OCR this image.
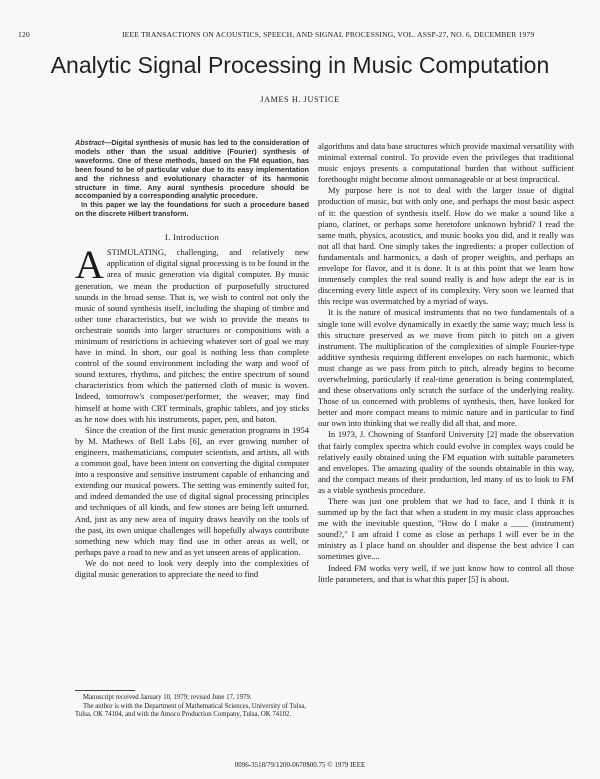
120	IEEE TRANSACTIONS ON ACOUSTICS, SPEECH, AND SIGNAL PROCESSING, VOL. ASSP-27, NO. 6, DECEMBER 1979
Analytic Signal Processing in Music Computation
JAMES H. JUSTICE

Abstract—Digital synthesis of music has led to the consideration of models other than the usual additive (Fourier) synthesis of waveforms. One of these methods, based on the FM equation, has been found to be of particular value due to its easy implementation and the richness and evolutionary character of its harmonic structure in time. Any aural synthesis procedure should be accompanied by a corresponding analytic procedure.

In this paper we lay the foundations for such a procedure based on the discrete Hilbert transform.

I. Introduction

ASTIMULATING, challenging, and relatively new application of digital signal processing is to be found in the area of music generation via digital computer. By music generation, we mean the production of purposefully structured sounds in the broad sense. That is, we wish to control not only the music of sound synthesis itself, including the shaping of timbre and other tone characteristics, but we wish to provide the means to orchestrate sounds into larger structures or compositions with a minimum of restrictions in achieving whatever sort of goal we may have in mind. In short, our goal is nothing less than complete control of the sound environment including the warp and woof of sound textures, rhythms, and pitches; the entire spectrum of sound characteristics from which the patterned cloth of music is woven. Indeed, tomorrow's composer/performer, the weaver, may find himself at home with CRT terminals, graphic tablets, and joy sticks as he now does with his instruments, paper, pen, and baton.

Since the creation of the first music generation programs in 1954 by M. Mathews of Bell Labs [6], an ever growing number of engineers, mathematicians, computer scientists, and artists, all with a common goal, have been intent on converting the digital computer into a responsive and sensitive instrument capable of enhancing and extending our musical powers. The setting was eminently suited for, and indeed demanded the use of digital signal processing principles and techniques of all kinds, and few stones are being left unturned. And, just as any new area of inquiry draws heavily on the tools of the past, its own unique challenges will hopefully always contribute something new which may find use in other areas as well, or perhaps pave a road to new and as yet unseen areas of application.

We do not need to look very deeply into the complexities of digital music generation to appreciate the need to find

Manuscript received January 10, 1979; revised June 17, 1979.

The author is with the Department of Mathematical Sciences, University of Tulsa, Tulsa, OK 74104, and with the Amoco Production Company, Tulsa, OK 74102.

algorithms and data base structures which provide maximal versatility with minimal external control. To provide even the privileges that traditional music enjoys presents a computational burden that without sufficient forethought might become almost unmanageable or at best impractical.

My purpose here is not to deal with the larger issue of digital production of music, but with only one, and perhaps the most basic aspect of it: the question of synthesis itself. How do we make a sound like a piano, clarinet, or perhaps some heretofore unknown hybrid? I read the same math, physics, acoustics, and music books you did, and it really was not all that hard. One simply takes the ingredients: a proper collection of fundamentals and harmonics, a dash of proper weights, and perhaps an envelope for flavor, and it is done. It is at this point that we learn how immensely complex the real sound really is and how adept the ear is in discerning every little aspect of its complexity. Very soon we learned that this recipe was overmatched by a myriad of ways.

It is the nature of musical instruments that no two fundamentals of a single tone will evolve dynamically in exactly the same way; much less is this structure preserved as we move from pitch to pitch on a given instrument. The multiplication of the complexities of simple Fourier-type additive synthesis requiring different envelopes on each harmonic, which must change as we pass from pitch to pitch, already begins to become overwhelming, particularly if real-time generation is being contemplated, and these observations only scratch the surface of the underlying reality. Those of us concerned with problems of synthesis, then, have looked for better and more compact means to mimic nature and in particular to find our own into thinking that we really did all that, and more.

In 1973, J. Chowning of Stanford University [2] made the observation that fairly complex spectra which could evolve in complex ways could be relatively easily obtained using the FM equation with suitable parameters and envelopes. The amazing quality of the sounds obtainable in this way, and the compact means of their production, led many of us to look to FM as a viable synthesis procedure.

There was just one problem that we had to face, and I think it is summed up by the fact that when a student in my music class approaches me with the inevitable question, "How do I make a ____ (instrument) sound?," I am afraid I come as close as perhaps I will ever be in the ministry as I place hand on shoulder and dispense the best advice I can sometimes give....

Indeed FM works very well, if we just know how to control all those little parameters, and that is what this paper [5] is about.

0096-3518/79/1200-0670$00.75 © 1979 IEEE
